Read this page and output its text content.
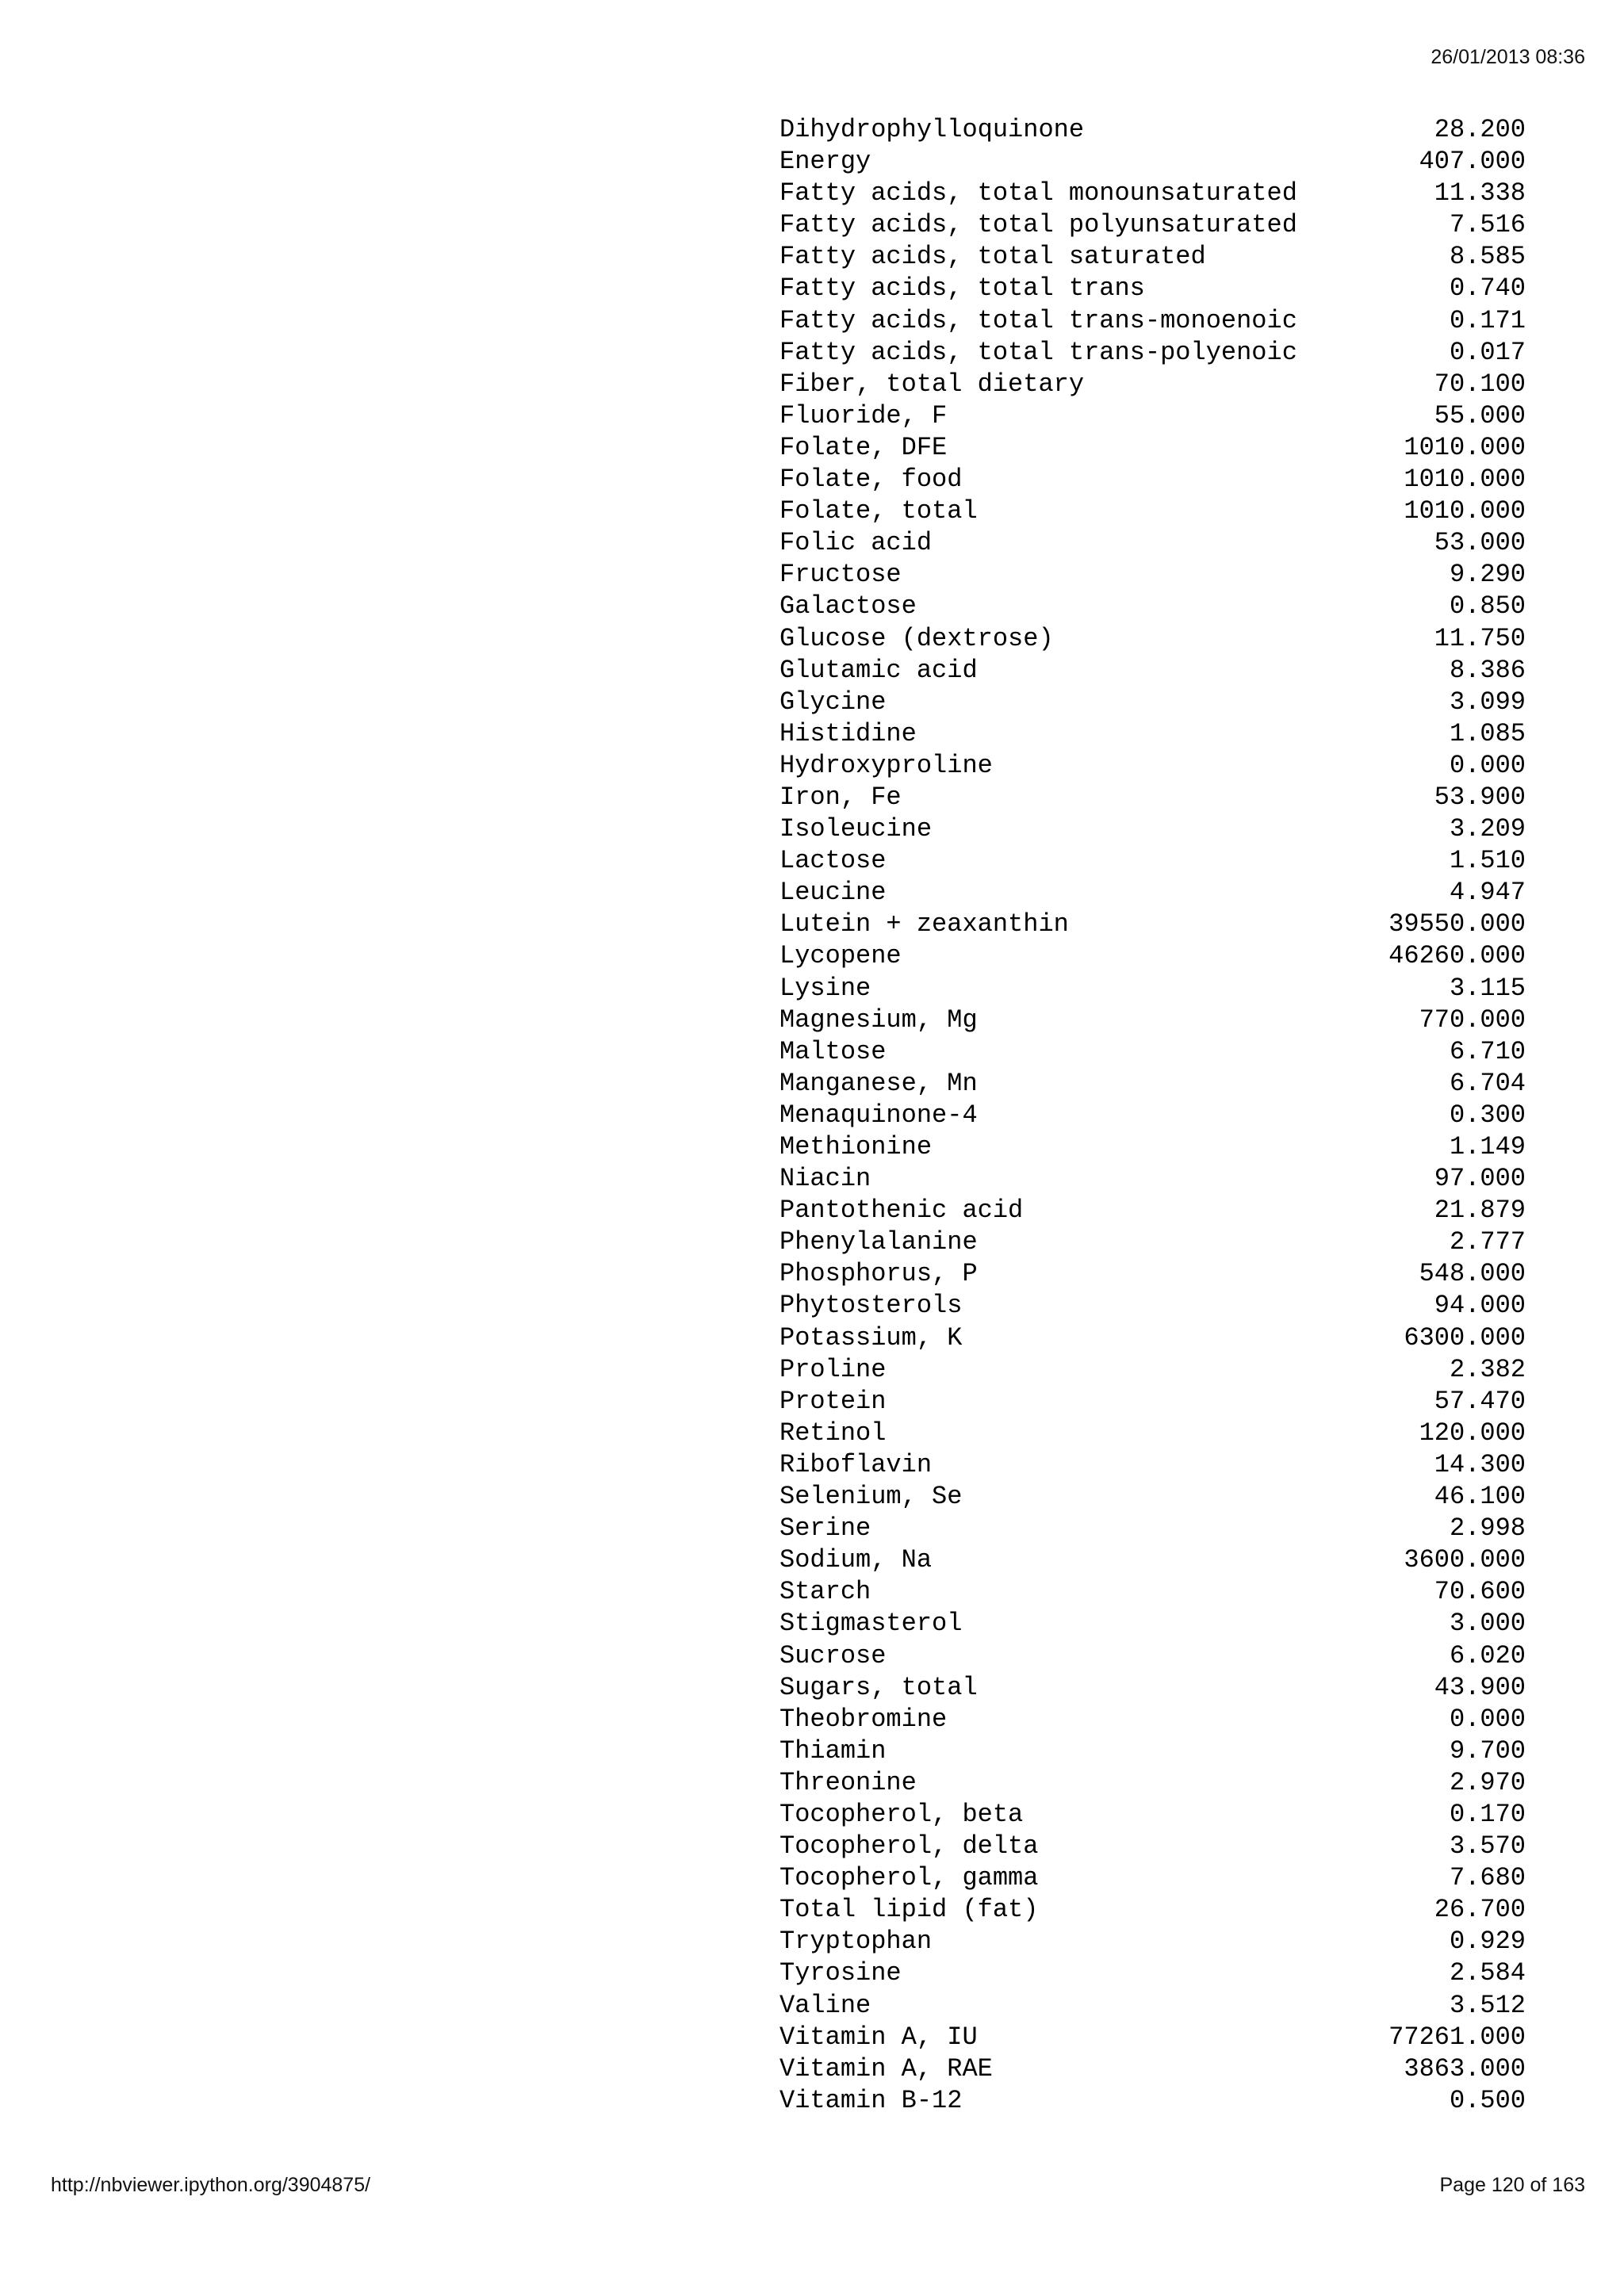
26/01/2013 08:36
Dihydrophylloquinone	28.200
Energy	407.000
Fatty acids, total monounsaturated	11.338
Fatty acids, total polyunsaturated	7.516
Fatty acids, total saturated	8.585
Fatty acids, total trans	0.740
Fatty acids, total trans-monoenoic	0.171
Fatty acids, total trans-polyenoic	0.017
Fiber, total dietary	70.100
Fluoride, F	55.000
Folate, DFE	1010.000
Folate, food	1010.000
Folate, total	1010.000
Folic acid	53.000
Fructose	9.290
Galactose	0.850
Glucose (dextrose)	11.750
Glutamic acid	8.386
Glycine	3.099
Histidine	1.085
Hydroxyproline	0.000
Iron, Fe	53.900
Isoleucine	3.209
Lactose	1.510
Leucine	4.947
Lutein + zeaxanthin	39550.000
Lycopene	46260.000
Lysine	3.115
Magnesium, Mg	770.000
Maltose	6.710
Manganese, Mn	6.704
Menaquinone-4	0.300
Methionine	1.149
Niacin	97.000
Pantothenic acid	21.879
Phenylalanine	2.777
Phosphorus, P	548.000
Phytosterols	94.000
Potassium, K	6300.000
Proline	2.382
Protein	57.470
Retinol	120.000
Riboflavin	14.300
Selenium, Se	46.100
Serine	2.998
Sodium, Na	3600.000
Starch	70.600
Stigmasterol	3.000
Sucrose	6.020
Sugars, total	43.900
Theobromine	0.000
Thiamin	9.700
Threonine	2.970
Tocopherol, beta	0.170
Tocopherol, delta	3.570
Tocopherol, gamma	7.680
Total lipid (fat)	26.700
Tryptophan	0.929
Tyrosine	2.584
Valine	3.512
Vitamin A, IU	77261.000
Vitamin A, RAE	3863.000
Vitamin B-12	0.500
http://nbviewer.ipython.org/3904875/	Page 120 of 163
